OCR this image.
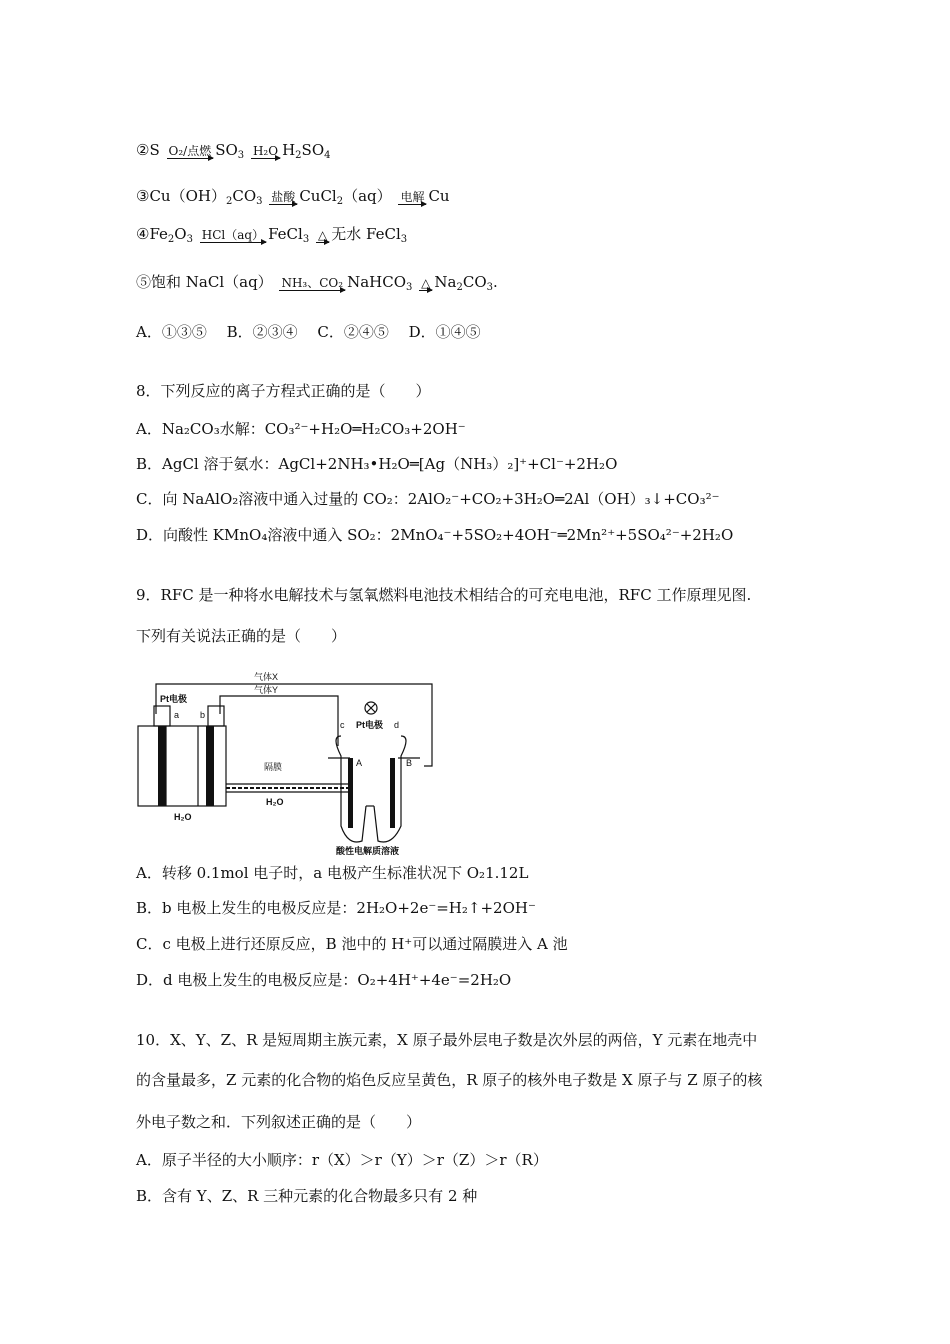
②S O₂/点燃 $SO_3$ H₂O $H_2SO_4$
$③Cu(OH)_2CO_3$ 盐酸 CuCl$_2$（aq） 电解 Cu
$④Fe_2O_3$ HCl（aq） FeCl$_3$ △ 无水 FeCl$_3$
⑤饱和 NaCl（aq） NH₃、CO₂ NaHCO$_3$ △ $Na_2CO_3$.
A．①③⑤　 B．②③④　 C．②④⑤　 D．①④⑤
8．下列反应的离子方程式正确的是（　　）
A．Na₂CO₃水解：CO₃²⁻+H₂O═H₂CO₃+2OH⁻
B．AgCl 溶于氨水：AgCl+2NH₃•H₂O═[Ag（NH₃）₂]⁺+Cl⁻+2H₂O
C．向 NaAlO₂溶液中通入过量的 CO₂：2AlO₂⁻+CO₂+3H₂O═2Al（OH）₃↓+CO₃²⁻
D．向酸性 KMnO₄溶液中通入 SO₂：2MnO₄⁻+5SO₂+4OH⁻═2Mn²⁺+5SO₄²⁻+2H₂O
9．RFC 是一种将水电解技术与氢氧燃料电池技术相结合的可充电电池，RFC 工作原理见图.
下列有关说法正确的是（　　）
气体X
气体Y
Pt电极
Pt电极
a b
c	d
A	B
隔膜
H₂O
H₂O
酸性电解质溶液
A．转移 0.1mol 电子时，a 电极产生标准状况下 O₂1.12L
B．b 电极上发生的电极反应是：2H₂O+2e⁻=H₂↑+2OH⁻
C．c 电极上进行还原反应，B 池中的 H⁺可以通过隔膜进入 A 池
D．d 电极上发生的电极反应是：O₂+4H⁺+4e⁻=2H₂O
10．X、Y、Z、R 是短周期主族元素，X 原子最外层电子数是次外层的两倍，Y 元素在地壳中
的含量最多，Z 元素的化合物的焰色反应呈黄色，R 原子的核外电子数是 X 原子与 Z 原子的核
外电子数之和．下列叙述正确的是（　　）
A．原子半径的大小顺序：r（X）＞r（Y）＞r（Z）＞r（R）
B．含有 Y、Z、R 三种元素的化合物最多只有 2 种
